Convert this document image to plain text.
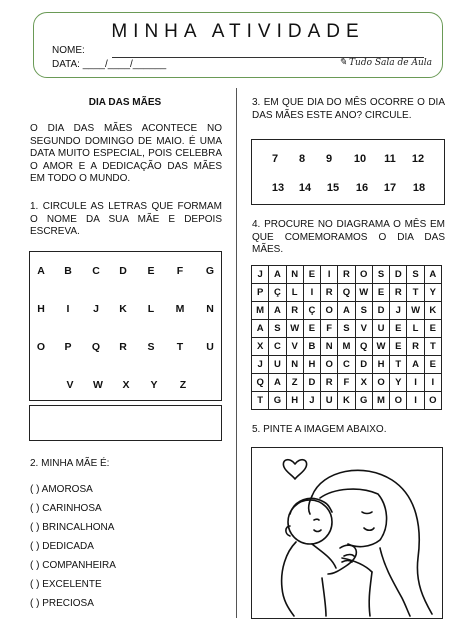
MINHA ATIVIDADE
NOME:
DATA: ____/____/______	✎ Tudo Sala de Aula
DIA DAS MÃES
O DIA DAS MÃES ACONTECE NO SEGUNDO DOMINGO DE MAIO. É UMA DATA MUITO ESPECIAL, POIS CELEBRA O AMOR E A DEDICAÇÃO DAS MÃES EM TODO O MUNDO.
1. CIRCULE AS LETRAS QUE FORMAM O NOME DA SUA MÃE E DEPOIS ESCREVA.
A	B	C	D	E	F	G
H	I	J	K	L	M	N
O	P	Q	R	S	T	U
V	W	X	Y	Z
2. MINHA MÃE É:
( ) AMOROSA
( ) CARINHOSA
( ) BRINCALHONA
( ) DEDICADA
( ) COMPANHEIRA
( ) EXCELENTE
( ) PRECIOSA
3. EM QUE DIA DO MÊS OCORRE O DIA DAS MÃES ESTE ANO? CIRCULE.
7	8	9	10	11	12
13	14	15	16	17	18
4. PROCURE NO DIAGRAMA O MÊS EM QUE COMEMORAMOS O DIA DAS MÃES.
J	A	N	E	I	R	O	S	D	S	A
P	Ç	L	I	R	Q	W	E	R	T	Y
M	A	R	Ç	O	A	S	D	J	W	K
A	S	W	E	F	S	V	U	E	L	E
X	C	V	B	N	M	Q	W	E	R	T
J	U	N	H	O	C	D	H	T	A	E
Q	A	Z	D	R	F	X	O	Y	I	I
T	G	H	J	U	K	G	M	O	I	O
5. PINTE A IMAGEM ABAIXO.
